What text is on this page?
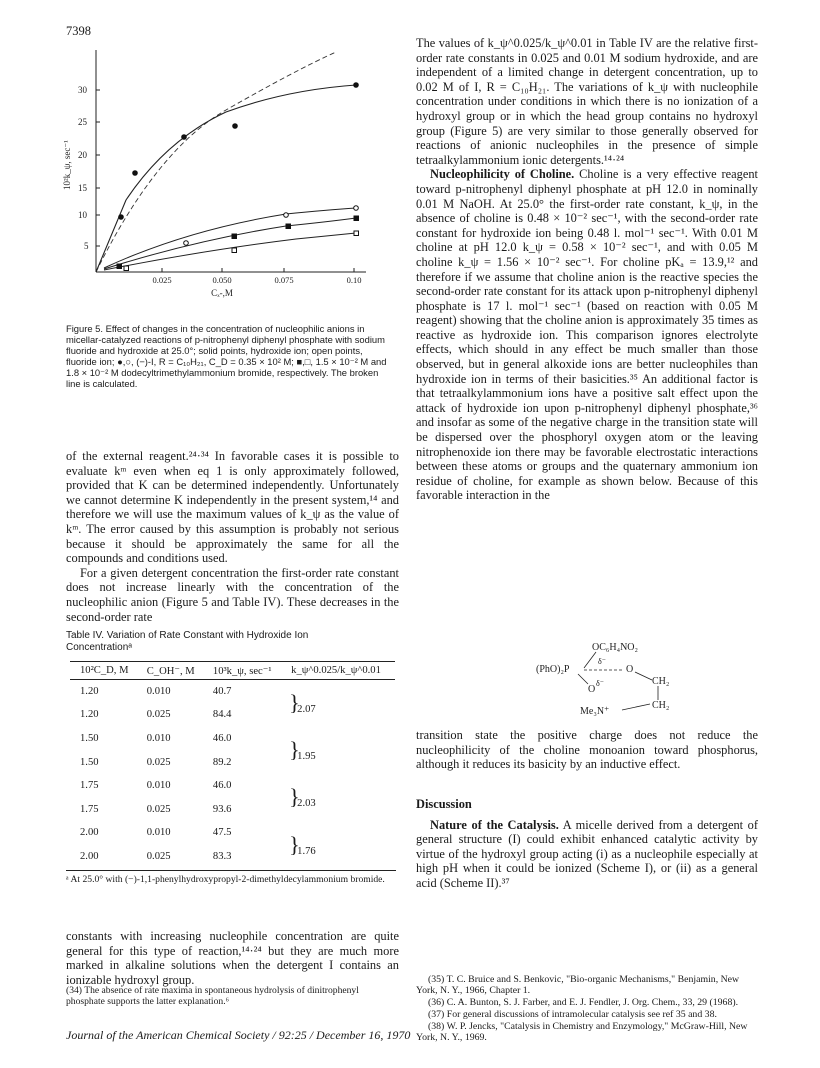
7398
30
25
20
15
10
5
10²k_ψ, sec⁻¹
0.025	0.050	0.075	0.10
Cₓ-,M
Figure 5. Effect of changes in the concentration of nucleophilic anions in micellar-catalyzed reactions of p-nitrophenyl diphenyl phosphate with sodium fluoride and hydroxide at 25.0°; solid points, hydroxide ion; open points, fluoride ion; ●,○, (−)-I, R = C₁₀H₂₁, C_D = 0.35 × 10² M; ■,□, 1.5 × 10⁻² M and 1.8 × 10⁻² M dodecyltrimethylammonium bromide, respectively. The broken line is calculated.

of the external reagent.²⁴·³⁴ In favorable cases it is possible to evaluate kᵐ even when eq 1 is only approximately followed, provided that K can be determined independently. Unfortunately we cannot determine K independently in the present system,¹⁴ and therefore we will use the maximum values of k_ψ as the value of kᵐ. The error caused by this assumption is probably not serious because it should be approximately the same for all the compounds and conditions used.

For a given detergent concentration the first-order rate constant does not increase linearly with the concentration of the nucleophilic anion (Figure 5 and Table IV). These decreases in the second-order rate

Table IV. Variation of Rate Constant with Hydroxide Ion Concentrationᵃ
10²C_D, M	C_OH⁻, M	10³k_ψ, sec⁻¹	k_ψ^0.025/k_ψ^0.01
1.20	0.010	40.7	}
2.07

1.20	0.025	84.4	
1.50	0.010	46.0	}
1.95

1.50	0.025	89.2	
1.75	0.010	46.0	}
2.03

1.75	0.025	93.6	
2.00	0.010	47.5	}
1.76

2.00	0.025	83.3	
ᵃ At 25.0° with (−)-1,1-phenylhydroxypropyl-2-dimethyldecylammonium bromide.
constants with increasing nucleophile concentration are quite general for this type of reaction,¹⁴·²⁴ but they are much more marked in alkaline solutions when the detergent I contains an ionizable hydroxyl group.
(34) The absence of rate maxima in spontaneous hydrolysis of dinitrophenyl phosphate supports the latter explanation.⁶

The values of k_ψ^0.025/k_ψ^0.01 in Table IV are the relative first-order rate constants in 0.025 and 0.01 M sodium hydroxide, and are independent of a limited change in detergent concentration, up to 0.02 M of I, R = C₁₀H₂₁. The variations of k_ψ with nucleophile concentration under conditions in which there is no ionization of a hydroxyl group or in which the head group contains no hydroxyl group (Figure 5) are very similar to those generally observed for reactions of anionic nucleophiles in the presence of simple tetraalkylammonium ionic detergents.¹⁴·²⁴

Nucleophilicity of Choline. Choline is a very effective reagent toward p-nitrophenyl diphenyl phosphate at pH 12.0 in nominally 0.01 M NaOH. At 25.0° the first-order rate constant, k_ψ, in the absence of choline is 0.48 × 10⁻² sec⁻¹, with the second-order rate constant for hydroxide ion being 0.48 l. mol⁻¹ sec⁻¹. With 0.01 M choline at pH 12.0 k_ψ = 0.58 × 10⁻² sec⁻¹, and with 0.05 M choline k_ψ = 1.56 × 10⁻² sec⁻¹. For choline pKₐ = 13.9,¹² and therefore if we assume that choline anion is the reactive species the second-order rate constant for its attack upon p-nitrophenyl diphenyl phosphate is 17 l. mol⁻¹ sec⁻¹ (based on reaction with 0.05 M reagent) showing that the choline anion is approximately 35 times as reactive as hydroxide ion. This comparison ignores electrolyte effects, which should in any effect be much smaller than those observed, but in general alkoxide ions are better nucleophiles than hydroxide ion in terms of their basicities.³⁵ An additional factor is that tetraalkylammonium ions have a positive salt effect upon the attack of hydroxide ion upon p-nitrophenyl diphenyl phosphate,³⁶ and insofar as some of the negative charge in the transition state will be dispersed over the phosphoryl oxygen atom or the leaving nitrophenoxide ion there may be favorable electrostatic interactions between these atoms or groups and the quaternary ammonium ion residue of choline, for example as shown below. Because of this favorable interaction in the

OC₆H₄NO₂
δ⁻
(PhO)₂P	O
CH₂
O
δ⁻
Me₃N⁺
CH₂
transition state the positive charge does not reduce the nucleophilicity of the choline monoanion toward phosphorus, although it reduces its basicity by an inductive effect.

Discussion

Nature of the Catalysis. A micelle derived from a detergent of general structure (I) could exhibit enhanced catalytic activity by virtue of the hydroxyl group acting (i) as a nucleophile especially at high pH when it could be ionized (Scheme I), or (ii) as a general acid (Scheme II).³⁷

(35) T. C. Bruice and S. Benkovic, "Bio-organic Mechanisms," Benjamin, New York, N. Y., 1966, Chapter 1.

(36) C. A. Bunton, S. J. Farber, and E. J. Fendler, J. Org. Chem., 33, 29 (1968).

(37) For general discussions of intramolecular catalysis see ref 35 and 38.

(38) W. P. Jencks, "Catalysis in Chemistry and Enzymology," McGraw-Hill, New York, N. Y., 1969.

Journal of the American Chemical Society / 92:25 / December 16, 1970
